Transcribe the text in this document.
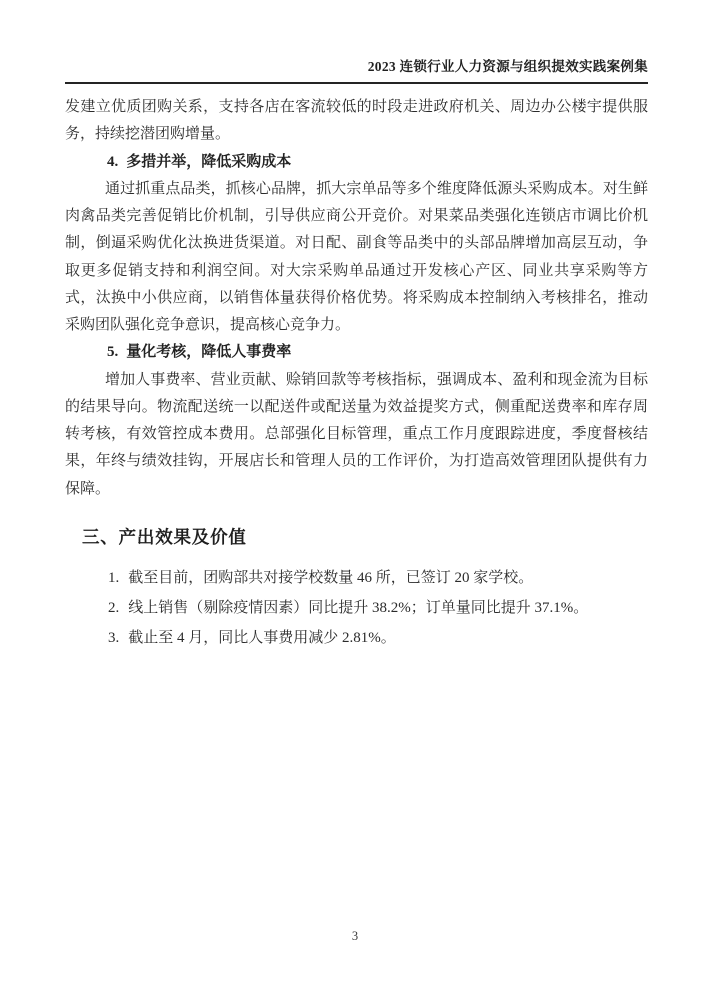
2023 连锁行业人力资源与组织提效实践案例集

发建立优质团购关系，支持各店在客流较低的时段走进政府机关、周边办公楼宇提供服务，持续挖潜团购增量。

4. 多措并举，降低采购成本

通过抓重点品类，抓核心品牌，抓大宗单品等多个维度降低源头采购成本。对生鲜肉禽品类完善促销比价机制，引导供应商公开竞价。对果菜品类强化连锁店市调比价机制，倒逼采购优化汰换进货渠道。对日配、副食等品类中的头部品牌增加高层互动，争取更多促销支持和利润空间。对大宗采购单品通过开发核心产区、同业共享采购等方式，汰换中小供应商，以销售体量获得价格优势。将采购成本控制纳入考核排名，推动采购团队强化竞争意识，提高核心竞争力。

5. 量化考核，降低人事费率

增加人事费率、营业贡献、赊销回款等考核指标，强调成本、盈利和现金流为目标的结果导向。物流配送统一以配送件或配送量为效益提奖方式，侧重配送费率和库存周转考核，有效管控成本费用。总部强化目标管理，重点工作月度跟踪进度，季度督核结果，年终与绩效挂钩，开展店长和管理人员的工作评价，为打造高效管理团队提供有力保障。

三、产出效果及价值
1. 截至目前，团购部共对接学校数量 46 所，已签订 20 家学校。
2. 线上销售（剔除疫情因素）同比提升 38.2%；订单量同比提升 37.1%。
3. 截止至 4 月，同比人事费用减少 2.81%。
3
